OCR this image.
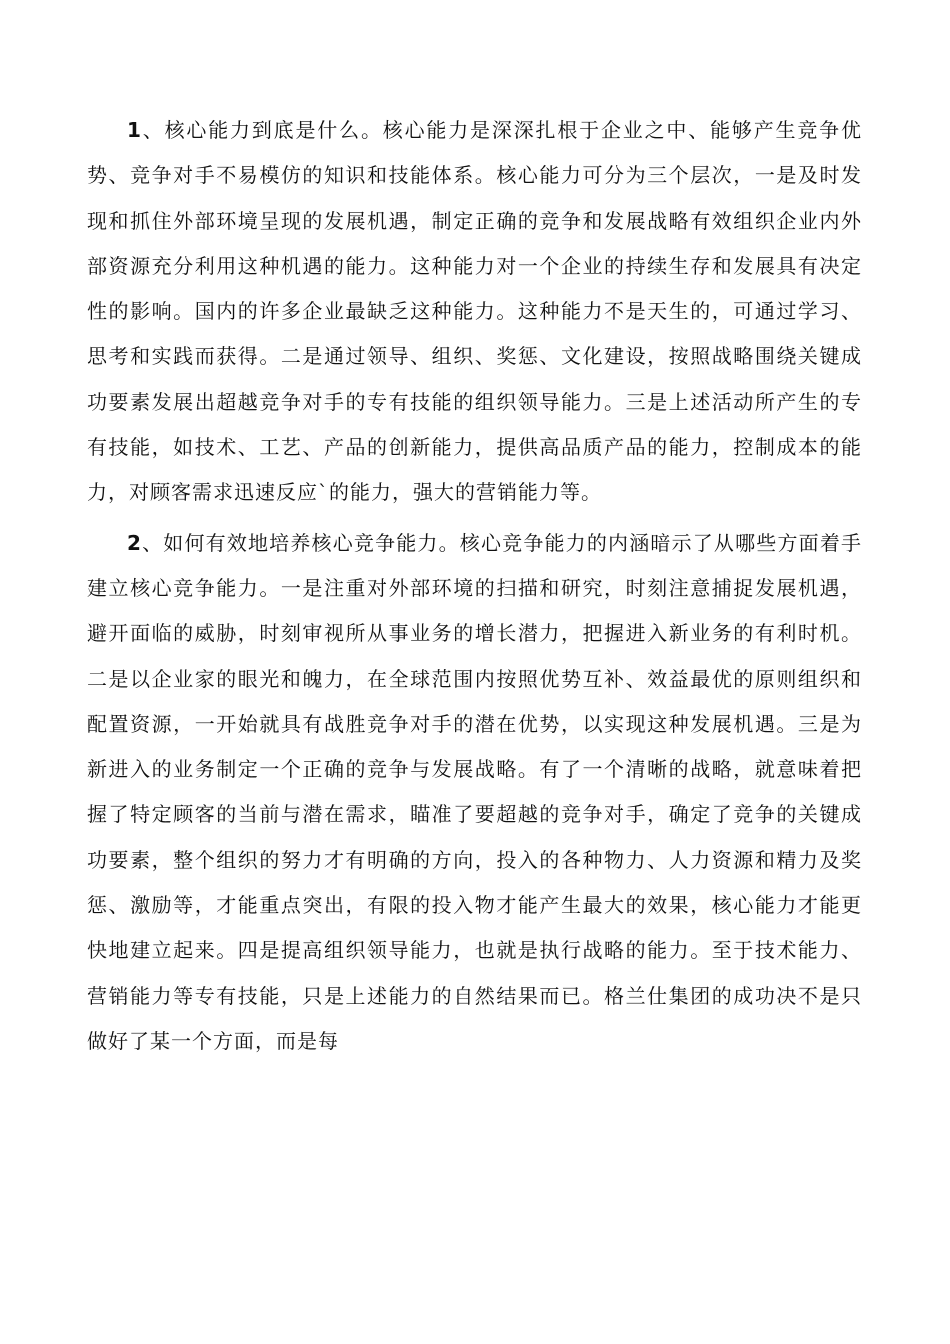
1、核心能力到底是什么。核心能力是深深扎根于企业之中、能够产生竞争优势、竞争对手不易模仿的知识和技能体系。核心能力可分为三个层次，一是及时发现和抓住外部环境呈现的发展机遇，制定正确的竞争和发展战略有效组织企业内外部资源充分利用这种机遇的能力。这种能力对一个企业的持续生存和发展具有决定性的影响。国内的许多企业最缺乏这种能力。这种能力不是天生的，可通过学习、思考和实践而获得。二是通过领导、组织、奖惩、文化建设，按照战略围绕关键成功要素发展出超越竞争对手的专有技能的组织领导能力。三是上述活动所产生的专有技能，如技术、工艺、产品的创新能力，提供高品质产品的能力，控制成本的能力，对顾客需求迅速反应`的能力，强大的营销能力等。

2、如何有效地培养核心竞争能力。核心竞争能力的内涵暗示了从哪些方面着手建立核心竞争能力。一是注重对外部环境的扫描和研究，时刻注意捕捉发展机遇，避开面临的威胁，时刻审视所从事业务的增长潜力，把握进入新业务的有利时机。二是以企业家的眼光和魄力，在全球范围内按照优势互补、效益最优的原则组织和配置资源，一开始就具有战胜竞争对手的潜在优势，以实现这种发展机遇。三是为新进入的业务制定一个正确的竞争与发展战略。有了一个清晰的战略，就意味着把握了特定顾客的当前与潜在需求，瞄准了要超越的竞争对手，确定了竞争的关键成功要素，整个组织的努力才有明确的方向，投入的各种物力、人力资源和精力及奖惩、激励等，才能重点突出，有限的投入物才能产生最大的效果，核心能力才能更快地建立起来。四是提高组织领导能力，也就是执行战略的能力。至于技术能力、营销能力等专有技能，只是上述能力的自然结果而已。格兰仕集团的成功决不是只做好了某一个方面，而是每
